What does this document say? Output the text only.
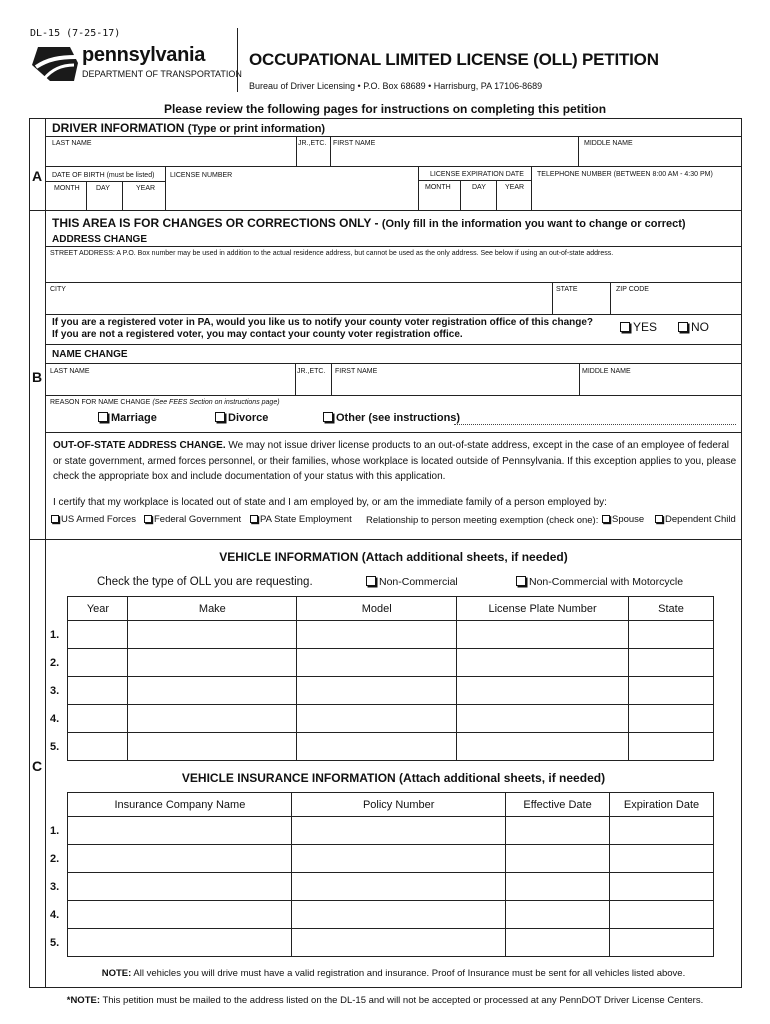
DL-15 (7-25-17)
pennsylvania
DEPARTMENT OF TRANSPORTATION
OCCUPATIONAL LIMITED LICENSE (OLL) PETITION
Bureau of Driver Licensing • P.O. Box 68689 • Harrisburg, PA 17106-8689
Please review the following pages for instructions on completing this petition
A
DRIVER INFORMATION (Type or print information)
LAST NAME	JR.,ETC. FIRST NAME	MIDDLE NAME
DATE OF BIRTH (must be listed) LICENSE NUMBER	LICENSE EXPIRATION DATE TELEPHONE NUMBER (BETWEEN 8:00 AM - 4:30 PM)
MONTH DAY	YEAR	MONTH	DAY	YEAR
B
THIS AREA IS FOR CHANGES OR CORRECTIONS ONLY - (Only fill in the information you want to change or correct)
ADDRESS CHANGE
STREET ADDRESS: A P.O. Box number may be used in addition to the actual residence address, but cannot be used as the only address. See below if using an out-of-state address.
CITY	STATE	ZIP CODE
If you are a registered voter in PA, would you like us to notify your county voter registration office of this change?
If you are not a registered voter, you may contact your county voter registration office.
YES	NO
NAME CHANGE
LAST NAME	JR.,ETC. FIRST NAME	MIDDLE NAME
REASON FOR NAME CHANGE (See FEES Section on instructions page)
Marriage	Divorce	Other (see instructions)
OUT-OF-STATE ADDRESS CHANGE. We may not issue driver license products to an out-of-state address, except in the case of an employee of federal
or state government, armed forces personnel, or their families, whose workplace is located outside of Pennsylvania. If this exception applies to you, please
check the appropriate box and include documentation of your status with this application.
I certify that my workplace is located out of state and I am employed by, or am the immediate family of a person employed by:
US Armed Forces	Federal Government	PA State Employment Relationship to person meeting exemption (check one):	Spouse	Dependent Child
C
VEHICLE INFORMATION (Attach additional sheets, if needed)
Check the type of OLL you are requesting.	Non-Commercial	Non-Commercial with Motorcycle
	Year	Make	Model	License Plate Number	State
1.					
2.					
3.					
4.					
5.					
VEHICLE INSURANCE INFORMATION (Attach additional sheets, if needed)
	Insurance Company Name	Policy Number	Effective Date	Expiration Date
1.				
2.				
3.				
4.				
5.				
NOTE: All vehicles you will drive must have a valid registration and insurance. Proof of Insurance must be sent for all vehicles listed above.
*NOTE: This petition must be mailed to the address listed on the DL-15 and will not be accepted or processed at any PennDOT Driver License Centers.
